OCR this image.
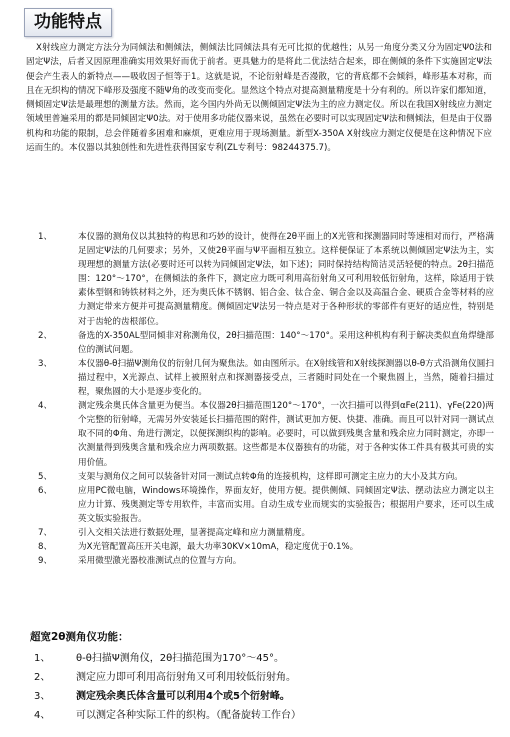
功能特点

X射线应力测定方法分为同倾法和侧倾法，侧倾法比同倾法具有无可比拟的优越性；从另一角度分类又分为固定Ψ0法和固定Ψ法，后者又因原理准确实用效果好而优于前者。更具魅力的是将此二优法结合起来，即在侧倾的条件下实施固定Ψ法便会产生表人的新特点——吸收因子恒等于1。这就是说，不论衍射峰是否漫散，它的背底都不会倾斜，峰形基本对称，而且在无织构的情况下峰形及强度不随Ψ角的改变而变化。显然这个特点对提高测量精度是十分有利的。所以许家们都知道，侧倾固定Ψ法是最理想的测量方法。然而，迄今国内外尚无以侧倾固定Ψ法为主的应力测定仪。所以在我国X射线应力测定领域里普遍采用的都是同倾固定Ψ0法。对于使用多功能仪器来说，虽然在必要时可以实现固定Ψ法和侧倾法，但是由于仪器机构和功能的限制，总会伴随着多困难和麻烦，更难应用于现场测量。新型X-350A X射线应力测定仪便是在这种情况下应运而生的。本仪器以其独创性和先进性获得国家专利(ZL专利号：98244375.7)。

1、	本仪器的测角仪以其独特的构思和巧妙的设计，使得在2θ平面上的X光管和探测器同时等速相对而行，严格满足固定Ψ法的几何要求；另外，又使2θ平面与Ψ平面相互独立。这样便保证了本系统以侧倾固定Ψ法为主，实现理想的测量方法(必要时还可以转为同倾固定Ψ法，如下述)；同时保持结构简洁灵活轻便的特点。2θ扫描范围：120°～170°，在侧倾法的条件下，测定应力既可利用高衍射角又可利用较低衍射角，这样，除适用于铁素体型钢和铸铁材料之外，还为奥氏体不锈钢、铝合金、钛合金、铜合金以及高温合金、硬质合金等材料的应力测定带来方便并可提高测量精度。侧倾固定Ψ法另一特点是对于各种形状的零部件有更好的适应性，特别是对于齿轮的齿根部位。
2、	备选的X-350AL型同倾非对称测角仪，2θ扫描范围：140°～170°。采用这种机构有利于解决类似直角焊缝部位的测试问题。
3、	本仪器θ-θ扫描Ψ测角仪的衍射几何为聚焦法。如由图所示。在X射线管和X射线探测器以θ-θ方式沿测角仪圆扫描过程中，X光源点、试样上被照射点和探测器接受点，三者随时同处在一个聚焦圆上，当然，随着扫描过程，聚焦圆的大小是逐步变化的。
4、	测定残余奥氏体含量更为便当。本仪器2θ扫描范围120°～170°，一次扫描可以得到αFe(211)、γFe(220)两个完整的衍射峰，无需另外安装延长扫描范围的附件，测试更加方便、快捷、准确。而且可以针对同一测试点取不同的Φ角、角进行测定，以便探测织构的影响。必要时，可以做到残奥含量和残余应力同时测定，亦即一次测量得到残奥含量和残余应力两项数据。这些都是本仪器独有的功能，对于各种实体工件具有极其可贵的实用价值。
5、	支架与测角仪之间可以装备针对同一测试点转Φ角的连接机构，这样即可测定主应力的大小及其方向。
6、	应用PC微电脑，Windows环境操作，界面友好，使用方便。提供侧倾、同倾固定Ψ法、摆动法应力测定以主应力计算、残奥测定等专用软件，丰富而实用。自动生成专业而规实的实验报告；根据用户要求，还可以生成英文版实验报告。
7、	引入交相关法进行数据处理，显著提高定峰和应力测量精度。
8、	为X光管配置高压开关电源，最大功率30KV×10mA，稳定度优于0.1%。
9、	采用微型激光器校准测试点的位置与方向。
超宽2θ测角仪功能：
1、	θ-θ扫描Ψ测角仪，2θ扫描范围为170°～45°。
2、	测定应力即可利用高衍射角又可利用较低衍射角。
3、	测定残余奥氏体含量可以利用4个或5个衍射峰。
4、	可以测定各种实际工件的织构。（配备旋转工作台）
